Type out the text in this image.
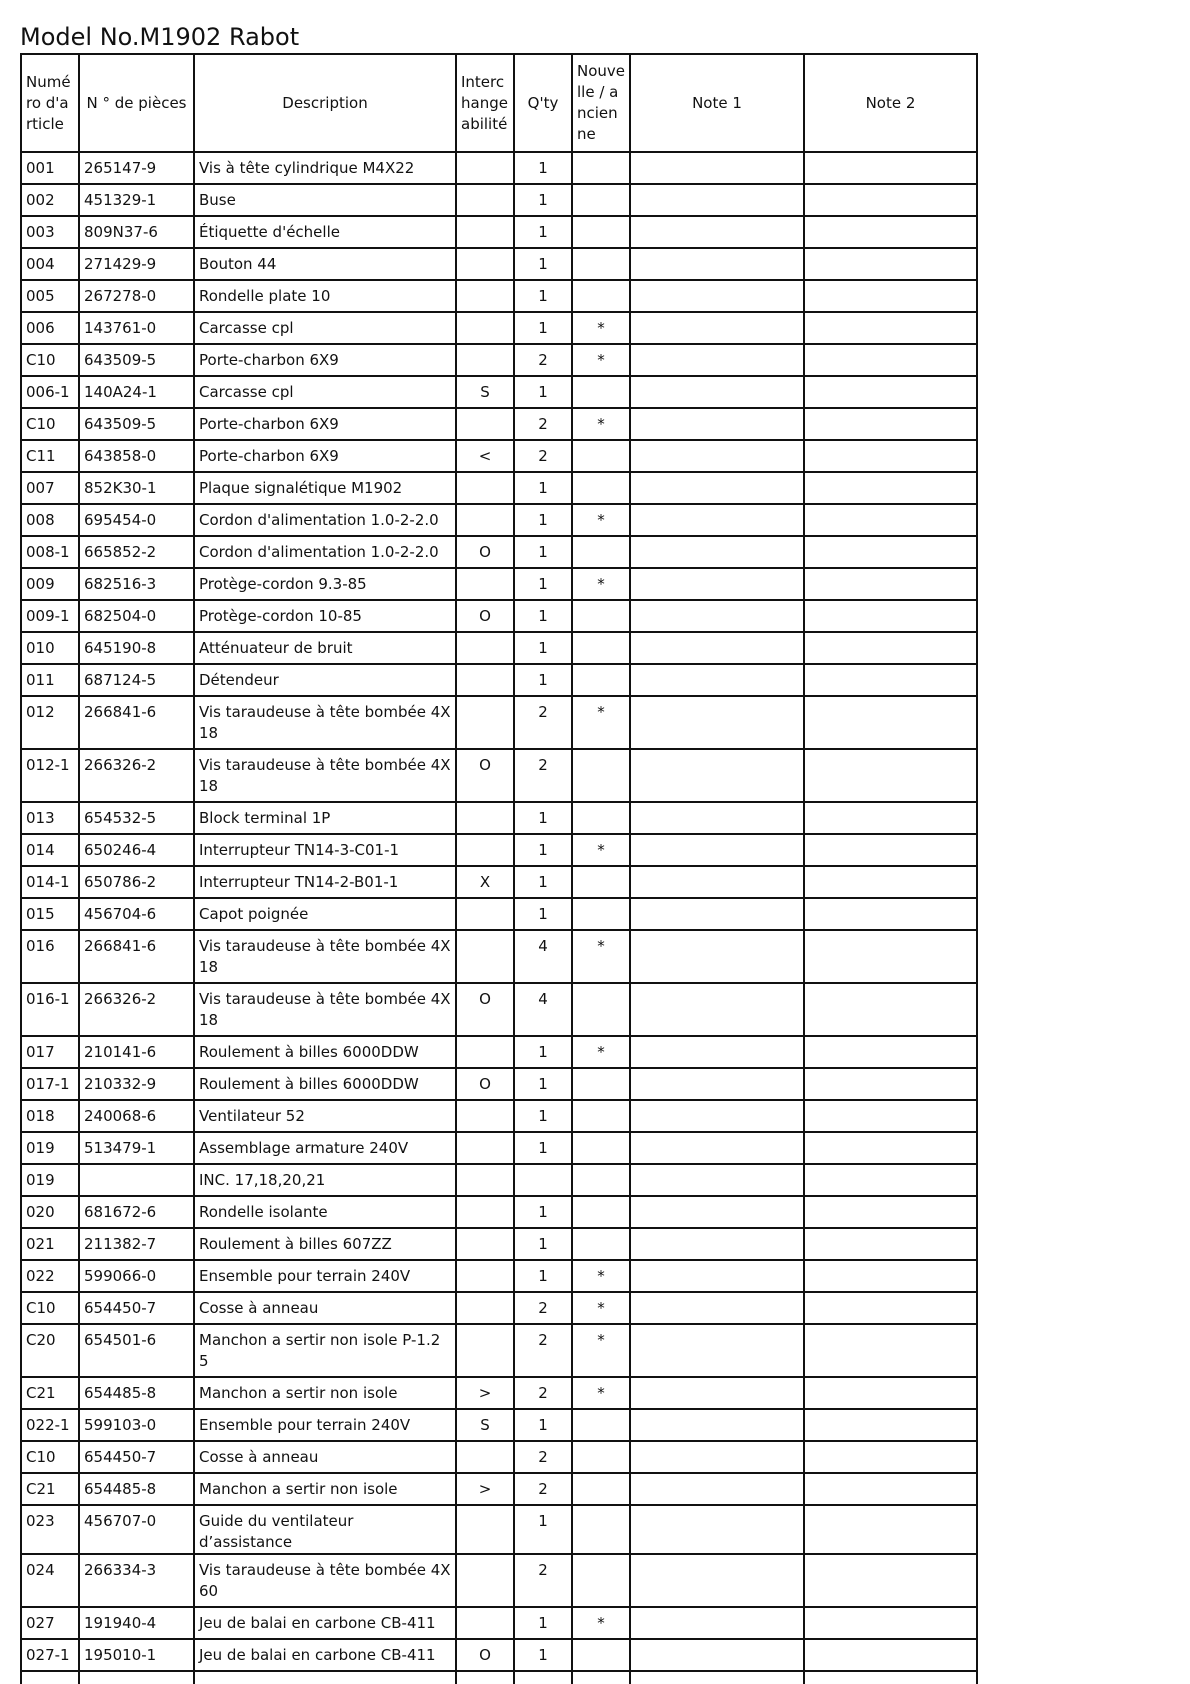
Model No.M1902 Rabot
Numéro d'article	N ° de pièces	Description	Interchangeabilité	Q'ty	Nouvelle / ancienne	Note 1	Note 2
001	265147-9	Vis à tête cylindrique M4X22		1			
002	451329-1	Buse		1			
003	809N37-6	Étiquette d'échelle		1			
004	271429-9	Bouton 44		1			
005	267278-0	Rondelle plate 10		1			
006	143761-0	Carcasse cpl		1	*		
C10	643509-5	Porte-charbon 6X9		2	*		
006-1	140A24-1	Carcasse cpl	S	1			
C10	643509-5	Porte-charbon 6X9		2	*		
C11	643858-0	Porte-charbon 6X9	<	2			
007	852K30-1	Plaque signalétique M1902		1			
008	695454-0	Cordon d'alimentation 1.0-2-2.0		1	*		
008-1	665852-2	Cordon d'alimentation 1.0-2-2.0	O	1			
009	682516-3	Protège-cordon 9.3-85		1	*		
009-1	682504-0	Protège-cordon 10-85	O	1			
010	645190-8	Atténuateur de bruit		1			
011	687124-5	Détendeur		1			
012	266841-6	Vis taraudeuse à tête bombée 4X 18		2	*		
012-1	266326-2	Vis taraudeuse à tête bombée 4X 18	O	2			
013	654532-5	Block terminal 1P		1			
014	650246-4	Interrupteur TN14-3-C01-1		1	*		
014-1	650786-2	Interrupteur TN14-2-B01-1	X	1			
015	456704-6	Capot poignée		1			
016	266841-6	Vis taraudeuse à tête bombée 4X 18		4	*		
016-1	266326-2	Vis taraudeuse à tête bombée 4X 18	O	4			
017	210141-6	Roulement à billes 6000DDW		1	*		
017-1	210332-9	Roulement à billes 6000DDW	O	1			
018	240068-6	Ventilateur 52		1			
019	513479-1	Assemblage armature 240V		1			
019		INC. 17,18,20,21					
020	681672-6	Rondelle isolante		1			
021	211382-7	Roulement à billes 607ZZ		1			
022	599066-0	Ensemble pour terrain 240V		1	*		
C10	654450-7	Cosse à anneau		2	*		
C20	654501-6	Manchon a sertir non isole P-1.2 5		2	*		
C21	654485-8	Manchon a sertir non isole	>	2	*		
022-1	599103-0	Ensemble pour terrain 240V	S	1			
C10	654450-7	Cosse à anneau		2			
C21	654485-8	Manchon a sertir non isole	>	2			
023	456707-0	Guide du ventilateur d’assistance		1			
024	266334-3	Vis taraudeuse à tête bombée 4X 60		2			
027	191940-4	Jeu de balai en carbone CB-411		1	*		
027-1	195010-1	Jeu de balai en carbone CB-411	O	1			
